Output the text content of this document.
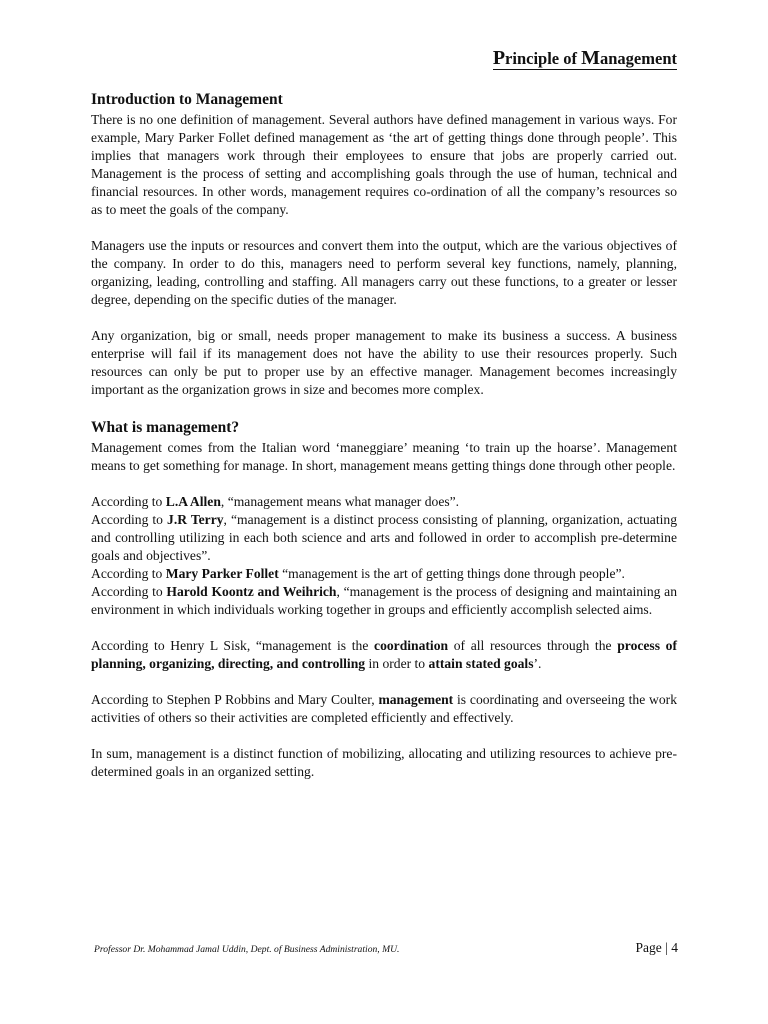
Principle of Management
Introduction to Management

There is no one definition of management. Several authors have defined management in various ways. For example, Mary Parker Follet defined management as ‘the art of getting things done through people’. This implies that managers work through their employees to ensure that jobs are properly carried out. Management is the process of setting and accomplishing goals through the use of human, technical and financial resources. In other words, management requires co-ordination of all the company’s resources so as to meet the goals of the company.

Managers use the inputs or resources and convert them into the output, which are the various objectives of the company. In order to do this, managers need to perform several key functions, namely, planning, organizing, leading, controlling and staffing. All managers carry out these functions, to a greater or lesser degree, depending on the specific duties of the manager.

Any organization, big or small, needs proper management to make its business a success. A business enterprise will fail if its management does not have the ability to use their resources properly. Such resources can only be put to proper use by an effective manager. Management becomes increasingly important as the organization grows in size and becomes more complex.

What is management?

Management comes from the Italian word ‘maneggiare’ meaning ‘to train up the hoarse’. Management means to get something for manage. In short, management means getting things done through other people.

According to L.A Allen, “management means what manager does”.

According to J.R Terry, “management is a distinct process consisting of planning, organization, actuating and controlling utilizing in each both science and arts and followed in order to accomplish pre-determine goals and objectives”.

According to Mary Parker Follet “management is the art of getting things done through people”.

According to Harold Koontz and Weihrich, “management is the process of designing and maintaining an environment in which individuals working together in groups and efficiently accomplish selected aims.

According to Henry L Sisk, “management is the coordination of all resources through the process of planning, organizing, directing, and controlling in order to attain stated goals’.

According to Stephen P Robbins and Mary Coulter, management is coordinating and overseeing the work activities of others so their activities are completed efficiently and effectively.

In sum, management is a distinct function of mobilizing, allocating and utilizing resources to achieve pre-determined goals in an organized setting.

Professor Dr. Mohammad Jamal Uddin, Dept. of Business Administration, MU.	Page | 4
